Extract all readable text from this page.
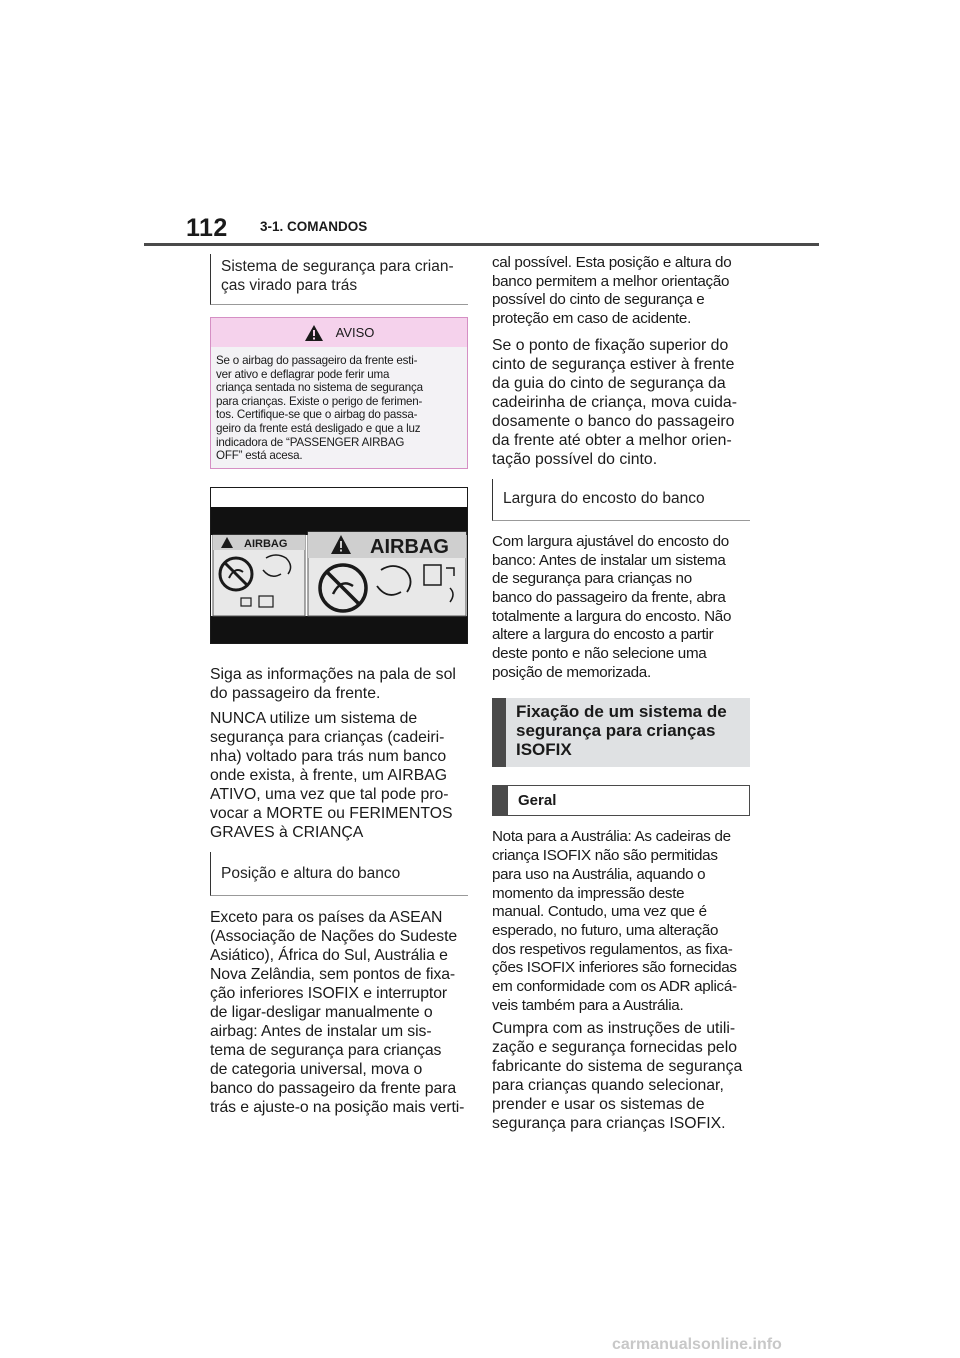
112 3-1. COMANDOS
Sistema de segurança para crian-
ças virado para trás
AVISO
Se o airbag do passageiro da frente esti-
ver ativo e deflagrar pode ferir uma
criança sentada no sistema de segurança
para crianças. Existe o perigo de ferimen-
tos. Certifique-se que o airbag do passa-
geiro da frente está desligado e que a luz
indicadora de “PASSENGER AIRBAG
OFF” está acesa.
AIRBAG	AIRBAG

Siga as informações na pala de sol
do passageiro da frente.

NUNCA utilize um sistema de
segurança para crianças (cadeiri-
nha) voltado para trás num banco
onde exista, à frente, um AIRBAG
ATIVO, uma vez que tal pode pro-
vocar a MORTE ou FERIMENTOS
GRAVES à CRIANÇA

Posição e altura do banco

Exceto para os países da ASEAN
(Associação de Nações do Sudeste
Asiático), África do Sul, Austrália e
Nova Zelândia, sem pontos de fixa-
ção inferiores ISOFIX e interruptor
de ligar-desligar manualmente o
airbag: Antes de instalar um sis-
tema de segurança para crianças
de categoria universal, mova o
banco do passageiro da frente para
trás e ajuste-o na posição mais verti-

cal possível. Esta posição e altura do
banco permitem a melhor orientação
possível do cinto de segurança e
proteção em caso de acidente.

Se o ponto de fixação superior do
cinto de segurança estiver à frente
da guia do cinto de segurança da
cadeirinha de criança, mova cuida-
dosamente o banco do passageiro
da frente até obter a melhor orien-
tação possível do cinto.

Largura do encosto do banco

Com largura ajustável do encosto do
banco: Antes de instalar um sistema
de segurança para crianças no
banco do passageiro da frente, abra
totalmente a largura do encosto. Não
altere a largura do encosto a partir
deste ponto e não selecione uma
posição de memorizada.

Fixação de um sistema de
segurança para crianças
ISOFIX
Geral

Nota para a Austrália: As cadeiras de
criança ISOFIX não são permitidas
para uso na Austrália, aquando o
momento da impressão deste
manual. Contudo, uma vez que é
esperado, no futuro, uma alteração
dos respetivos regulamentos, as fixa-
ções ISOFIX inferiores são fornecidas
em conformidade com os ADR aplicá-
veis também para a Austrália.

Cumpra com as instruções de utili-
zação e segurança fornecidas pelo
fabricante do sistema de segurança
para crianças quando selecionar,
prender e usar os sistemas de
segurança para crianças ISOFIX.

carmanualsonline.info
